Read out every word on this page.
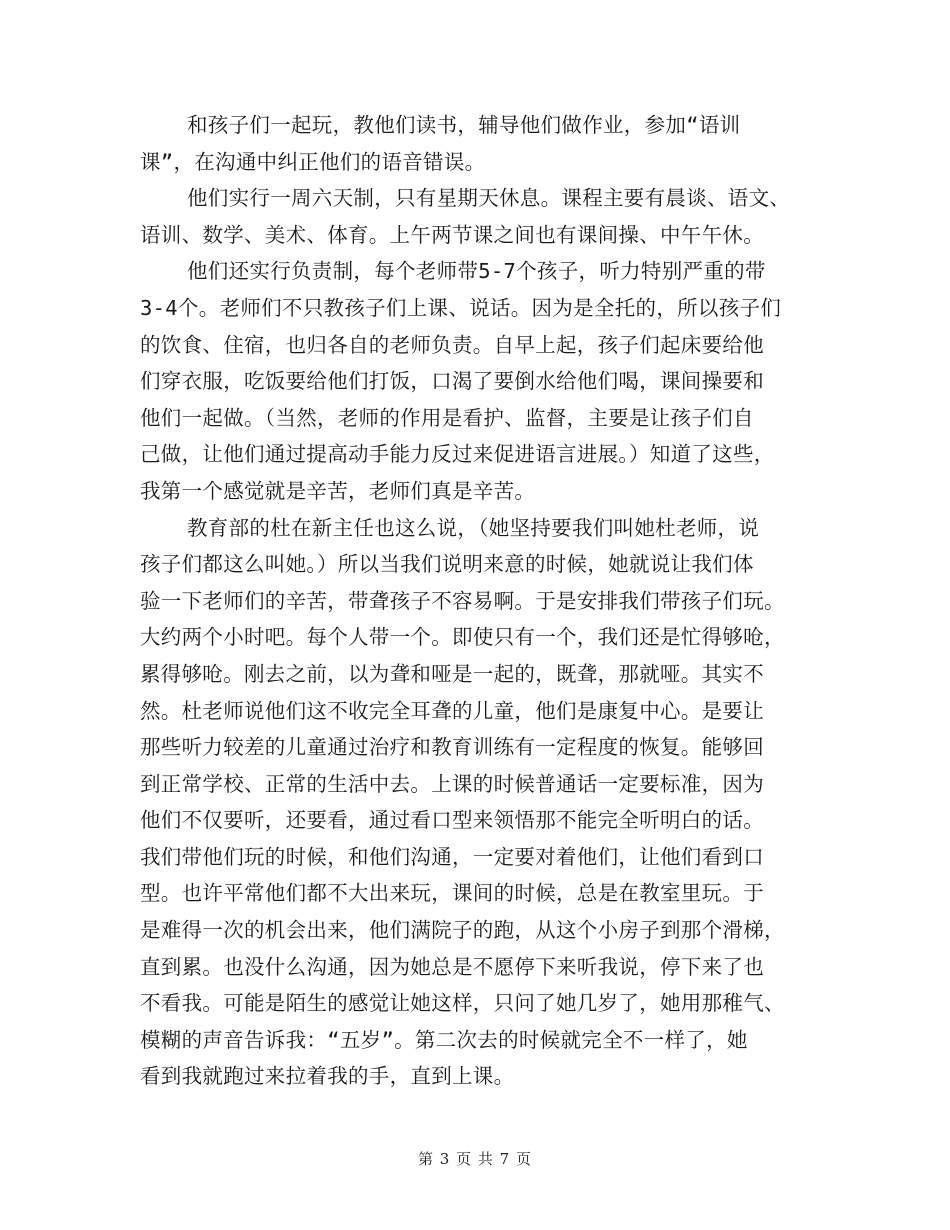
和孩子们一起玩，教他们读书，辅导他们做作业，参加“语训
课”，在沟通中纠正他们的语音错误。

他们实行一周六天制，只有星期天休息。课程主要有晨谈、语文、
语训、数学、美术、体育。上午两节课之间也有课间操、中午午休。

他们还实行负责制，每个老师带5-7个孩子，听力特别严重的带
3-4个。老师们不只教孩子们上课、说话。因为是全托的，所以孩子们
的饮食、住宿，也归各自的老师负责。自早上起，孩子们起床要给他
们穿衣服，吃饭要给他们打饭，口渴了要倒水给他们喝，课间操要和
他们一起做。（当然，老师的作用是看护、监督，主要是让孩子们自
己做，让他们通过提高动手能力反过来促进语言进展。）知道了这些，
我第一个感觉就是辛苦，老师们真是辛苦。

教育部的杜在新主任也这么说，（她坚持要我们叫她杜老师，说
孩子们都这么叫她。）所以当我们说明来意的时候，她就说让我们体
验一下老师们的辛苦，带聋孩子不容易啊。于是安排我们带孩子们玩。
大约两个小时吧。每个人带一个。即使只有一个，我们还是忙得够呛，
累得够呛。刚去之前，以为聋和哑是一起的，既聋，那就哑。其实不
然。杜老师说他们这不收完全耳聋的儿童，他们是康复中心。是要让
那些听力较差的儿童通过治疗和教育训练有一定程度的恢复。能够回
到正常学校、正常的生活中去。上课的时候普通话一定要标准，因为
他们不仅要听，还要看，通过看口型来领悟那不能完全听明白的话。
我们带他们玩的时候，和他们沟通，一定要对着他们，让他们看到口
型。也许平常他们都不大出来玩，课间的时候，总是在教室里玩。于
是难得一次的机会出来，他们满院子的跑，从这个小房子到那个滑梯，
直到累。也没什么沟通，因为她总是不愿停下来听我说，停下来了也
不看我。可能是陌生的感觉让她这样，只问了她几岁了，她用那稚气、
模糊的声音告诉我：“五岁”。第二次去的时候就完全不一样了，她
看到我就跑过来拉着我的手，直到上课。

第 3 页 共 7 页
